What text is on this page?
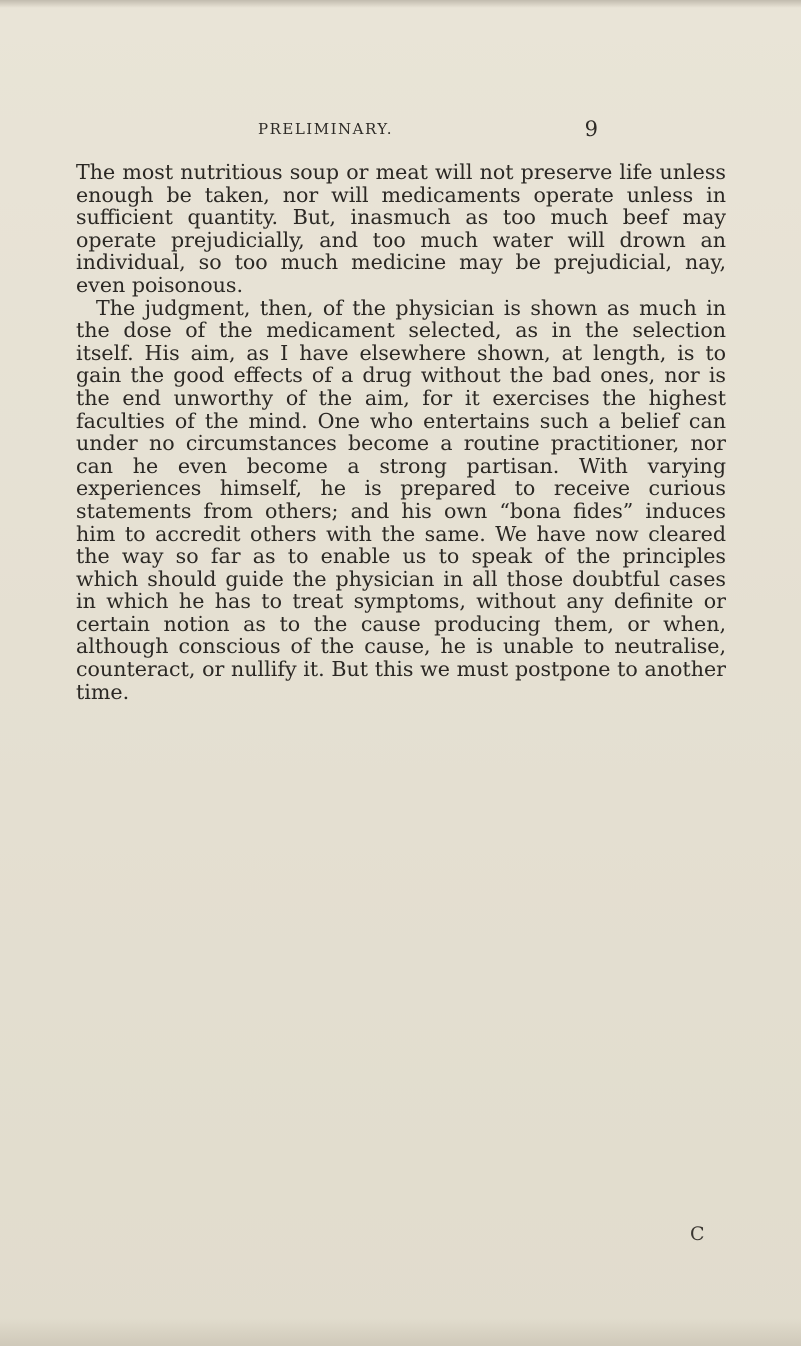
PRELIMINARY.	9

The most nutritious soup or meat will not preserve life unless enough be taken, nor will medicaments operate unless in sufficient quantity. But, inasmuch as too much beef may operate prejudicially, and too much water will drown an individual, so too much medicine may be prejudicial, nay, even poisonous.

The judgment, then, of the physician is shown as much in the dose of the medicament selected, as in the selection itself. His aim, as I have elsewhere shown, at length, is to gain the good effects of a drug without the bad ones, nor is the end unworthy of the aim, for it exercises the highest faculties of the mind. One who entertains such a belief can under no circumstances become a routine practitioner, nor can he even become a strong partisan. With varying experiences himself, he is prepared to receive curious statements from others; and his own “bona fides” induces him to accredit others with the same. We have now cleared the way so far as to enable us to speak of the principles which should guide the physician in all those doubtful cases in which he has to treat symptoms, without any definite or certain notion as to the cause producing them, or when, although conscious of the cause, he is unable to neutralise, counteract, or nullify it. But this we must postpone to another time.

C
